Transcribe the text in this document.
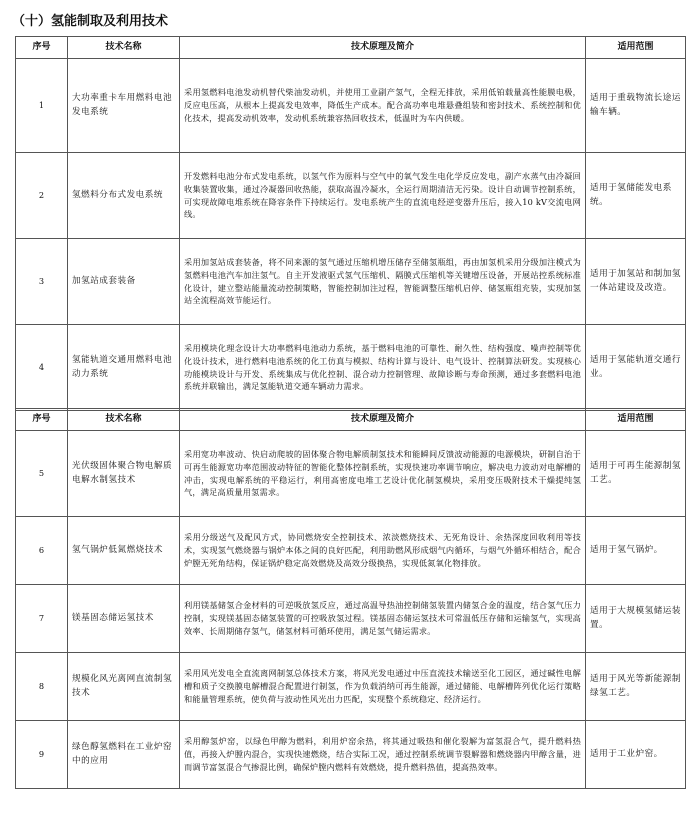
（十）氢能制取及利用技术
序号	技术名称	技术原理及简介	适用范围
1	大功率重卡车用燃料电池发电系统	采用氢燃料电池发动机替代柴油发动机，并使用工业副产氢气，全程无排放，采用低铂载量高性能膜电极，反应电压高，从根本上提高发电效率，降低生产成本。配合高功率电堆悬叠组装和密封技术、系统控制和优化技术，提高发动机效率，发动机系统兼容热回收技术，低温时为车内供暖。	适用于重载物流长途运输车辆。
2	氢燃料分布式发电系统	开发燃料电池分布式发电系统，以氢气作为原料与空气中的氧气发生电化学反应发电，副产水蒸气由冷凝回收集装置收集，通过冷凝器回收热能，获取高温冷凝水，全运行周期清洁无污染。设计自动调节控制系统，可实现故障电堆系统在降容条件下持续运行。发电系统产生的直流电经逆变器升压后，接入10 kV交流电网线。	适用于氢储能发电系统。
3	加氢站成套装备	采用加氢站成套装备，将不同来源的氢气通过压缩机增压储存至储氢瓶组，再由加氢机采用分级加注模式为氢燃料电池汽车加注氢气。自主开发液驱式氢气压缩机、隔膜式压缩机等关键增压设备，开展站控系统标准化设计，建立整站能量流动控制策略，智能控制加注过程，智能调整压缩机启停、储氢瓶组充装，实现加氢站全流程高效节能运行。	适用于加氢站和制加氢一体站建设及改造。
4	氢能轨道交通用燃料电池动力系统	采用模块化理念设计大功率燃料电池动力系统，基于燃料电池的可靠性、耐久性、结构强度、噪声控制等优化设计技术，进行燃料电池系统的化工仿真与模拟、结构计算与设计、电气设计、控制算法研发。实现核心功能模块设计与开发、系统集成与优化控制、混合动力控制管理、故障诊断与寿命预测，通过多套燃料电池系统并联输出，满足氢能轨道交通车辆动力需求。	适用于氢能轨道交通行业。
序号	技术名称	技术原理及简介	适用范围
5	光伏级固体聚合物电解质电解水制氢技术	采用宽功率波动、快启动爬坡的固体聚合物电解质制氢技术和能瞬间反馈波动能源的电源模块，研制自治于可再生能源宽功率范围波动特征的智能化整体控制系统，实现快速功率调节响应，解决电力波动对电解槽的冲击，实现电解系统的平稳运行，利用高密度电堆工艺设计优化制氢模块，采用变压吸附技术干燥提纯氢气，满足高质量用氢需求。	适用于可再生能源制氢工艺。
6	氢气锅炉低氮燃烧技术	采用分级送气及配风方式，协同燃烧安全控制技术、浓淡燃烧技术、无死角设计、余热深度回收利用等技术，实现氢气燃烧器与锅炉本体之间的良好匹配，利用助燃风形成烟气内循环，与烟气外循环相结合，配合炉膛无死角结构，保证锅炉稳定高效燃烧及高效分级换热，实现低氮氧化物排放。	适用于氢气锅炉。
7	镁基固态储运氢技术	利用镁基储氢合金材料的可逆吸放氢反应，通过高温导热油控制储氢装置内储氢合金的温度，结合氢气压力控制，实现镁基固态储氢装置的可控吸放氢过程。镁基固态储运氢技术可常温低压存储和运输氢气，实现高效率、长周期储存氢气，储氢材料可循环使用，满足氢气储运需求。	适用于大规模氢储运装置。
8	规模化风光离网直流制氢技术	采用风光发电全直流离网制氢总体技术方案，将风光发电通过中压直流技术输送至化工园区，通过碱性电解槽和质子交换膜电解槽混合配置进行制氢，作为负载消纳可再生能源，通过储能、电解槽阵列优化运行策略和能量管理系统，使负荷与波动性风光出力匹配，实现整个系统稳定、经济运行。	适用于风光等新能源制绿氢工艺。
9	绿色醇氢燃料在工业炉窑中的应用	采用醇氢炉窑，以绿色甲醇为燃料，利用炉窑余热，将其通过吸热和催化裂解为富氢混合气，提升燃料热值，再接入炉膛内混合，实现快速燃烧，结合实际工况，通过控制系统调节裂解器和燃烧器内甲醇含量，进而调节富氢混合气掺混比例，确保炉膛内燃料有效燃烧，提升燃料热值，提高热效率。	适用于工业炉窑。
